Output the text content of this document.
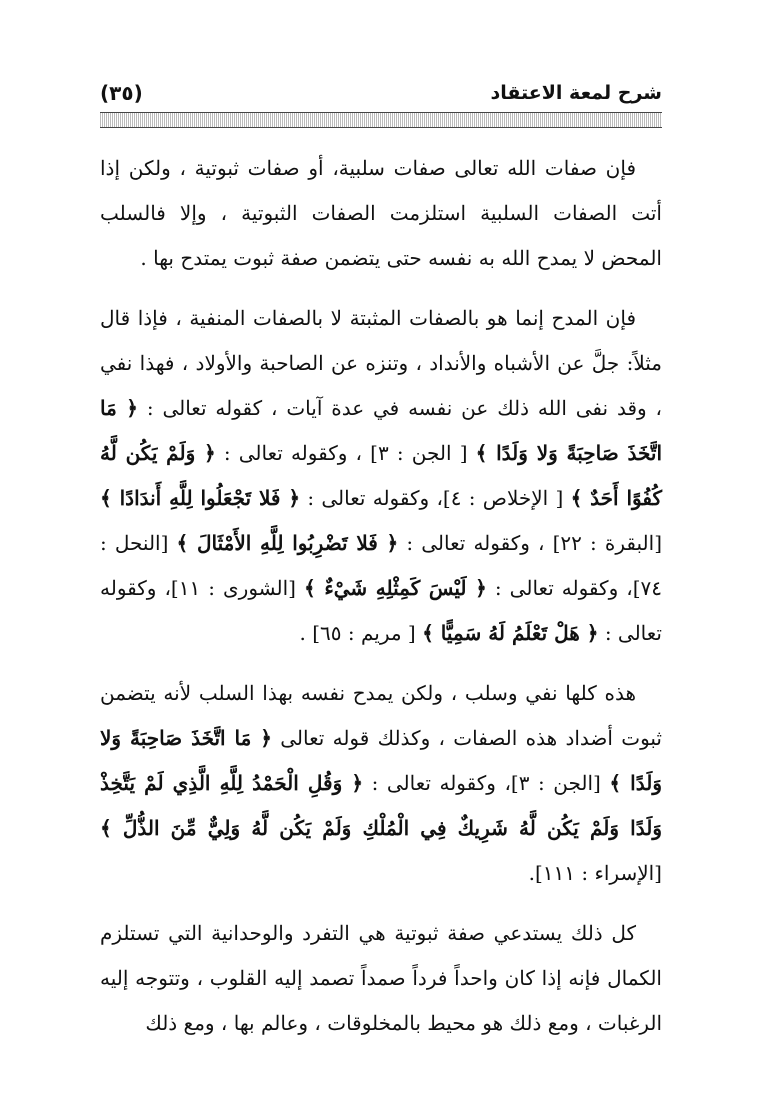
شرح لمعة الاعتقاد
(٣٥)

فإن صفات الله تعالى صفات سلبية، أو صفات ثبوتية ، ولكن إذا أتت الصفات السلبية استلزمت الصفات الثبوتية ، وإلا فالسلب المحض لا يمدح الله به نفسه حتى يتضمن صفة ثبوت يمتدح بها .

فإن المدح إنما هو بالصفات المثبتة لا بالصفات المنفية ، فإذا قال مثلاً: جلَّ عن الأشباه والأنداد ، وتنزه عن الصاحبة والأولاد ، فهذا نفي ، وقد نفى الله ذلك عن نفسه في عدة آيات ، كقوله تعالى : ﴿ مَا اتَّخَذَ صَاحِبَةً وَلا وَلَدًا ﴾ [ الجن : ٣] ، وكقوله تعالى : ﴿ وَلَمْ يَكُن لَّهُ كُفُوًا أَحَدٌ ﴾ [ الإخلاص : ٤]، وكقوله تعالى : ﴿ فَلا تَجْعَلُوا لِلَّهِ أَندَادًا ﴾ [البقرة : ٢٢] ، وكقوله تعالى : ﴿ فَلا تَضْرِبُوا لِلَّهِ الأَمْثَالَ ﴾ [النحل : ٧٤]، وكقوله تعالى : ﴿ لَيْسَ كَمِثْلِهِ شَيْءٌ ﴾ [الشورى : ١١]، وكقوله تعالى : ﴿ هَلْ تَعْلَمُ لَهُ سَمِيًّا ﴾ [ مريم : ٦٥] .

هذه كلها نفي وسلب ، ولكن يمدح نفسه بهذا السلب لأنه يتضمن ثبوت أضداد هذه الصفات ، وكذلك قوله تعالى ﴿ مَا اتَّخَذَ صَاحِبَةً وَلا وَلَدًا ﴾ [الجن : ٣]، وكقوله تعالى : ﴿ وَقُلِ الْحَمْدُ لِلَّهِ الَّذِي لَمْ يَتَّخِذْ وَلَدًا وَلَمْ يَكُن لَّهُ شَرِيكٌ فِي الْمُلْكِ وَلَمْ يَكُن لَّهُ وَلِيٌّ مِّنَ الذُّلِّ ﴾ [الإسراء : ١١١].

كل ذلك يستدعي صفة ثبوتية هي التفرد والوحدانية التي تستلزم الكمال فإنه إذا كان واحداً فرداً صمداً تصمد إليه القلوب ، وتتوجه إليه الرغبات ، ومع ذلك هو محيط بالمخلوقات ، وعالم بها ، ومع ذلك
